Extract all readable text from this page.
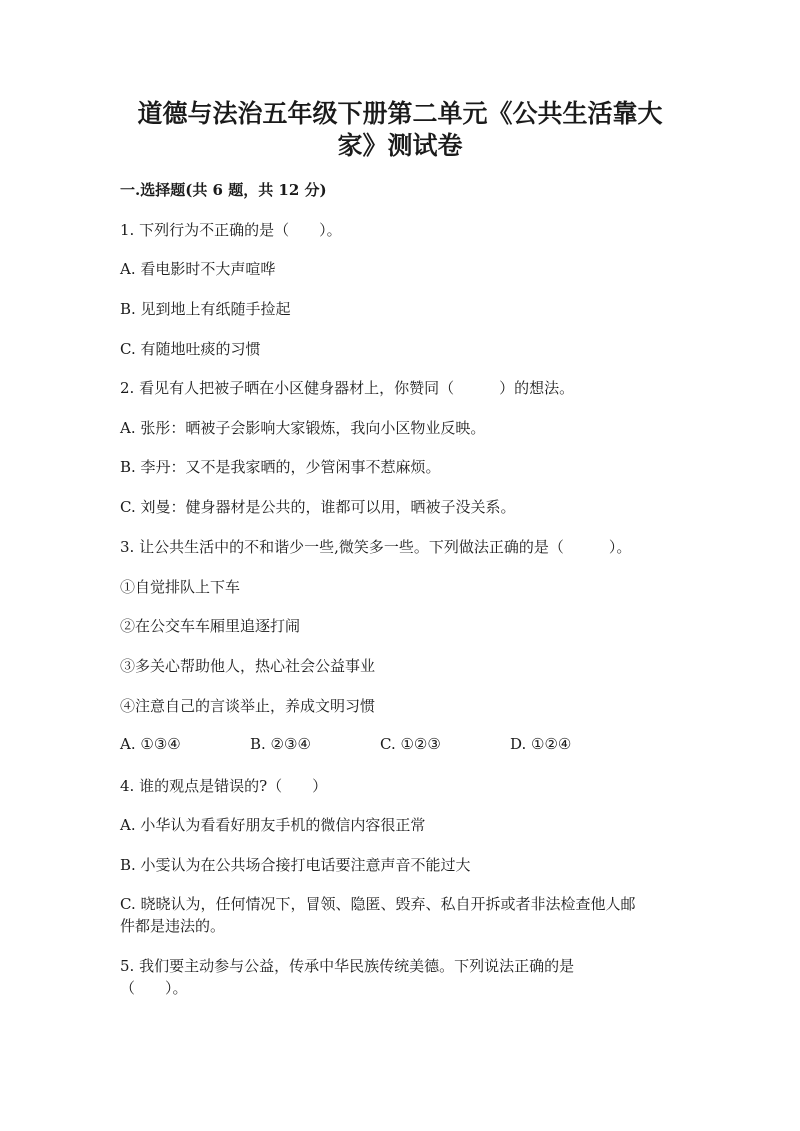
道德与法治五年级下册第二单元《公共生活靠大
家》测试卷
一.选择题(共 6 题，共 12 分)
1. 下列行为不正确的是（　　）。
A. 看电影时不大声喧哗
B. 见到地上有纸随手捡起
C. 有随地吐痰的习惯
2. 看见有人把被子晒在小区健身器材上，你赞同（　　　）的想法。
A. 张彤：晒被子会影响大家锻炼，我向小区物业反映。
B. 李丹：又不是我家晒的，少管闲事不惹麻烦。
C. 刘曼：健身器材是公共的，谁都可以用，晒被子没关系。
3. 让公共生活中的不和谐少一些,微笑多一些。下列做法正确的是（　　　）。
①自觉排队上下车
②在公交车车厢里追逐打闹
③多关心帮助他人，热心社会公益事业
④注意自己的言谈举止，养成文明习惯
A. ①③④	B. ②③④	C. ①②③	D. ①②④
4. 谁的观点是错误的?（　　）
A. 小华认为看看好朋友手机的微信内容很正常
B. 小雯认为在公共场合接打电话要注意声音不能过大
C. 晓晓认为，任何情况下，冒领、隐匿、毁弃、私自开拆或者非法检查他人邮
件都是违法的。
5. 我们要主动参与公益，传承中华民族传统美德。下列说法正确的是
（　　）。
